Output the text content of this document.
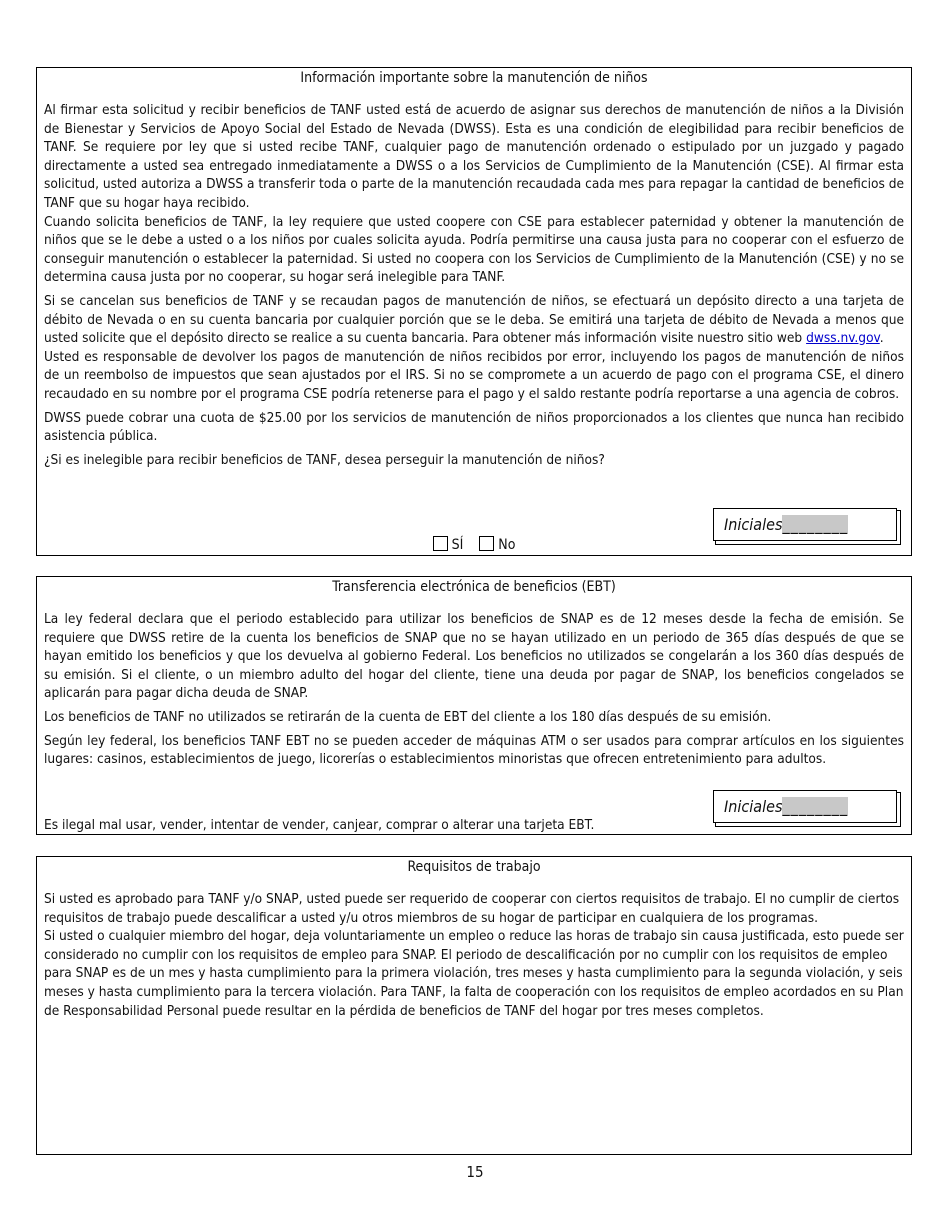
Información importante sobre la manutención de niños

Al firmar esta solicitud y recibir beneficios de TANF usted está de acuerdo de asignar sus derechos de manutención de niños a la División de Bienestar y Servicios de Apoyo Social del Estado de Nevada (DWSS). Esta es una condición de elegibilidad para recibir beneficios de TANF. Se requiere por ley que si usted recibe TANF, cualquier pago de manutención ordenado o estipulado por un juzgado y pagado directamente a usted sea entregado inmediatamente a DWSS o a los Servicios de Cumplimiento de la Manutención (CSE). Al firmar esta solicitud, usted autoriza a DWSS a transferir toda o parte de la manutención recaudada cada mes para repagar la cantidad de beneficios de TANF que su hogar haya recibido.

Cuando solicita beneficios de TANF, la ley requiere que usted coopere con CSE para establecer paternidad y obtener la manutención de niños que se le debe a usted o a los niños por cuales solicita ayuda. Podría permitirse una causa justa para no cooperar con el esfuerzo de conseguir manutención o establecer la paternidad. Si usted no coopera con los Servicios de Cumplimiento de la Manutención (CSE) y no se determina causa justa por no cooperar, su hogar será inelegible para TANF.

Si se cancelan sus beneficios de TANF y se recaudan pagos de manutención de niños, se efectuará un depósito directo a una tarjeta de débito de Nevada o en su cuenta bancaria por cualquier porción que se le deba. Se emitirá una tarjeta de débito de Nevada a menos que usted solicite que el depósito directo se realice a su cuenta bancaria. Para obtener más información visite nuestro sitio web dwss.nv.gov.

Usted es responsable de devolver los pagos de manutención de niños recibidos por error, incluyendo los pagos de manutención de niños de un reembolso de impuestos que sean ajustados por el IRS. Si no se compromete a un acuerdo de pago con el programa CSE, el dinero recaudado en su nombre por el programa CSE podría retenerse para el pago y el saldo restante podría reportarse a una agencia de cobros.

DWSS puede cobrar una cuota de $25.00 por los servicios de manutención de niños proporcionados a los clientes que nunca han recibido asistencia pública.

¿Si es inelegible para recibir beneficios de TANF, desea perseguir la manutención de niños?

Iniciales________
SÍ	No
Transferencia electrónica de beneficios (EBT)

La ley federal declara que el periodo establecido para utilizar los beneficios de SNAP es de 12 meses desde la fecha de emisión. Se requiere que DWSS retire de la cuenta los beneficios de SNAP que no se hayan utilizado en un periodo de 365 días después de que se hayan emitido los beneficios y que los devuelva al gobierno Federal. Los beneficios no utilizados se congelarán a los 360 días después de su emisión. Si el cliente, o un miembro adulto del hogar del cliente, tiene una deuda por pagar de SNAP, los beneficios congelados se aplicarán para pagar dicha deuda de SNAP.

Los beneficios de TANF no utilizados se retirarán de la cuenta de EBT del cliente a los 180 días después de su emisión.

Según ley federal, los beneficios TANF EBT no se pueden acceder de máquinas ATM o ser usados para comprar artículos en los siguientes lugares: casinos, establecimientos de juego, licorerías o establecimientos minoristas que ofrecen entretenimiento para adultos.

Es ilegal mal usar, vender, intentar de vender, canjear, comprar o alterar una tarjeta EBT.

Iniciales________
Requisitos de trabajo

Si usted es aprobado para TANF y/o SNAP, usted puede ser requerido de cooperar con ciertos requisitos de trabajo. El no cumplir de ciertos requisitos de trabajo puede descalificar a usted y/u otros miembros de su hogar de participar en cualquiera de los programas.

Si usted o cualquier miembro del hogar, deja voluntariamente un empleo o reduce las horas de trabajo sin causa justificada, esto puede ser considerado no cumplir con los requisitos de empleo para SNAP. El periodo de descalificación por no cumplir con los requisitos de empleo para SNAP es de un mes y hasta cumplimiento para la primera violación, tres meses y hasta cumplimiento para la segunda violación, y seis meses y hasta cumplimiento para la tercera violación. Para TANF, la falta de cooperación con los requisitos de empleo acordados en su Plan de Responsabilidad Personal puede resultar en la pérdida de beneficios de TANF del hogar por tres meses completos.

15
